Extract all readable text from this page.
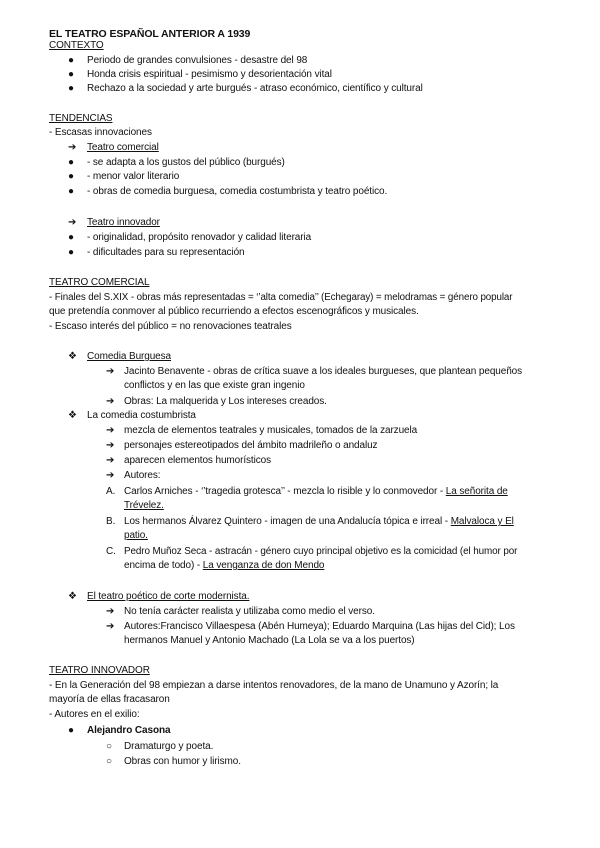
EL TEATRO ESPAÑOL ANTERIOR A 1939
CONTEXTO
● Periodo de grandes convulsiones - desastre del 98
● Honda crisis espiritual - pesimismo y desorientación vital
● Rechazo a la sociedad y arte burgués - atraso económico, científico y cultural
TENDENCIAS
- Escasas innovaciones
➔ Teatro comercial
● - se adapta a los gustos del público (burgués)
● - menor valor literario
● - obras de comedia burguesa, comedia costumbrista y teatro poético.
➔ Teatro innovador
● - originalidad, propósito renovador y calidad literaria
● - dificultades para su representación
TEATRO COMERCIAL
- Finales del S.XIX - obras más representadas = ‘’alta comedia’’ (Echegaray) = melodramas = género popular
que pretendía conmover al público recurriendo a efectos escenográficos y musicales.
- Escaso interés del público = no renovaciones teatrales
❖ Comedia Burguesa
➔ Jacinto Benavente - obras de crítica suave a los ideales burgueses, que plantean pequeños
conflictos y en las que existe gran ingenio
➔ Obras: La malquerida y Los intereses creados.
❖ La comedia costumbrista
➔ mezcla de elementos teatrales y musicales, tomados de la zarzuela
➔ personajes estereotipados del ámbito madrileño o andaluz
➔ aparecen elementos humorísticos
➔ Autores:
A. Carlos Arniches - ‘’tragedia grotesca’’ - mezcla lo risible y lo conmovedor - La señorita de
Trévelez.
B. Los hermanos Álvarez Quintero - imagen de una Andalucía tópica e irreal - Malvaloca y El
patio.
C. Pedro Muñoz Seca - astracán - género cuyo principal objetivo es la comicidad (el humor por
encima de todo) - La venganza de don Mendo
❖ El teatro poético de corte modernista.
➔ No tenía carácter realista y utilizaba como medio el verso.
➔ Autores:Francisco Villaespesa (Abén Humeya); Eduardo Marquina (Las hijas del Cid); Los
hermanos Manuel y Antonio Machado (La Lola se va a los puertos)
TEATRO INNOVADOR
- En la Generación del 98 empiezan a darse intentos renovadores, de la mano de Unamuno y Azorín; la
mayoría de ellas fracasaron
- Autores en el exilio:
● Alejandro Casona
○ Dramaturgo y poeta.
○ Obras con humor y lirismo.
